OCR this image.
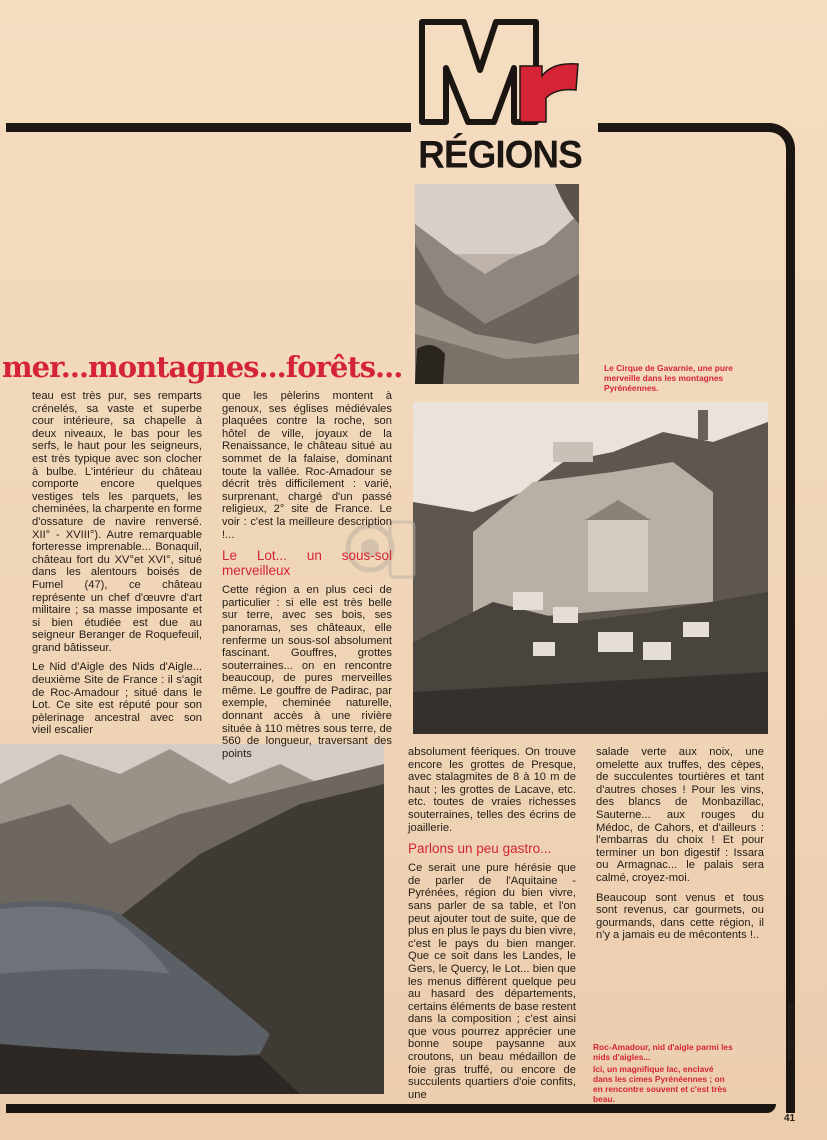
RÉGIONS
mer...montagnes...forêts...	Le Cirque de Gavarnie, une pure merveille dans les montagnes Pyrénéennes.

teau est très pur, ses remparts crénelés, sa vaste et superbe cour intérieure, sa chapelle à deux niveaux, le bas pour les serfs, le haut pour les seigneurs, est très typique avec son clocher à bulbe. L'intérieur du château comporte encore quelques vestiges tels les parquets, les cheminées, la charpente en forme d'ossature de navire renversé. XII° - XVIII°). Autre remarquable forteresse imprenable... Bonaquil, château fort du XV°et XVI°, situé dans les alentours boisés de Fumel (47), ce château représente un chef d'œuvre d'art militaire ; sa masse imposante et si bien étudiée est due au seigneur Beranger de Roquefeuil, grand bâtisseur.

Le Nid d'Aigle des Nids d'Aigle... deuxième Site de France : il s'agit de Roc-Amadour ; situé dans le Lot. Ce site est réputé pour son pèlerinage ancestral avec son vieil escalier

que les pèlerins montent à genoux, ses églises médiévales plaquées contre la roche, son hôtel de ville, joyaux de la Renaissance, le château situé au sommet de la falaise, dominant toute la vallée. Roc-Amadour se décrit très difficilement : varié, surprenant, chargé d'un passé religieux, 2° site de France. Le voir : c'est la meilleure description !...

Le Lot... un sous-sol merveilleux

Cette région a en plus ceci de particulier : si elle est très belle sur terre, avec ses bois, ses panoramas, ses châteaux, elle renferme un sous-sol absolument fascinant. Gouffres, grottes souterraines... on en rencontre beaucoup, de pures merveilles même. Le gouffre de Padirac, par exemple, cheminée naturelle, donnant accès à une rivière située à 110 mètres sous terre, de 560 de longueur, traversant des points	absolument féeriques. On trouve encore les grottes de Presque, avec stalagmites de 8 à 10 m de haut ; les grottes de Lacave, etc. etc. toutes de vraies richesses souterraines, telles des écrins de joaillerie.

Parlons un peu gastro...

Ce serait une pure hérésie que de parler de l'Aquitaine - Pyrénées, région du bien vivre, sans parler de sa table, et l'on peut ajouter tout de suite, que de plus en plus le pays du bien vivre, c'est le pays du bien manger. Que ce soit dans les Landes, le Gers, le Quercy, le Lot... bien que les menus diffèrent quelque peu au hasard des départements, certains éléments de base restent dans la composition ; c'est ainsi que vous pourrez apprécier une bonne soupe paysanne aux croutons, un beau médaillon de foie gras truffé, ou encore de succulents quartiers d'oie confits, une

salade verte aux noix, une omelette aux truffes, des cèpes, de succulentes tourtières et tant d'autres choses ! Pour les vins, des blancs de Monbazillac, Sauterne... aux rouges du Médoc, de Cahors, et d'ailleurs : l'embarras du choix ! Et pour terminer un bon digestif : Issara ou Armagnac... le palais sera calmé, croyez-moi.

Beaucoup sont venus et tous sont revenus, car gourmets, ou gourmands, dans cette région, il n'y a jamais eu de mécontents !..

Roc-Amadour, nid d'aigle parmi les nids d'aigles...
Ici, un magnifique lac, enclavé dans les cimes Pyrénéennes ; on en rencontre souvent et c'est très beau.
moto-revue
41
